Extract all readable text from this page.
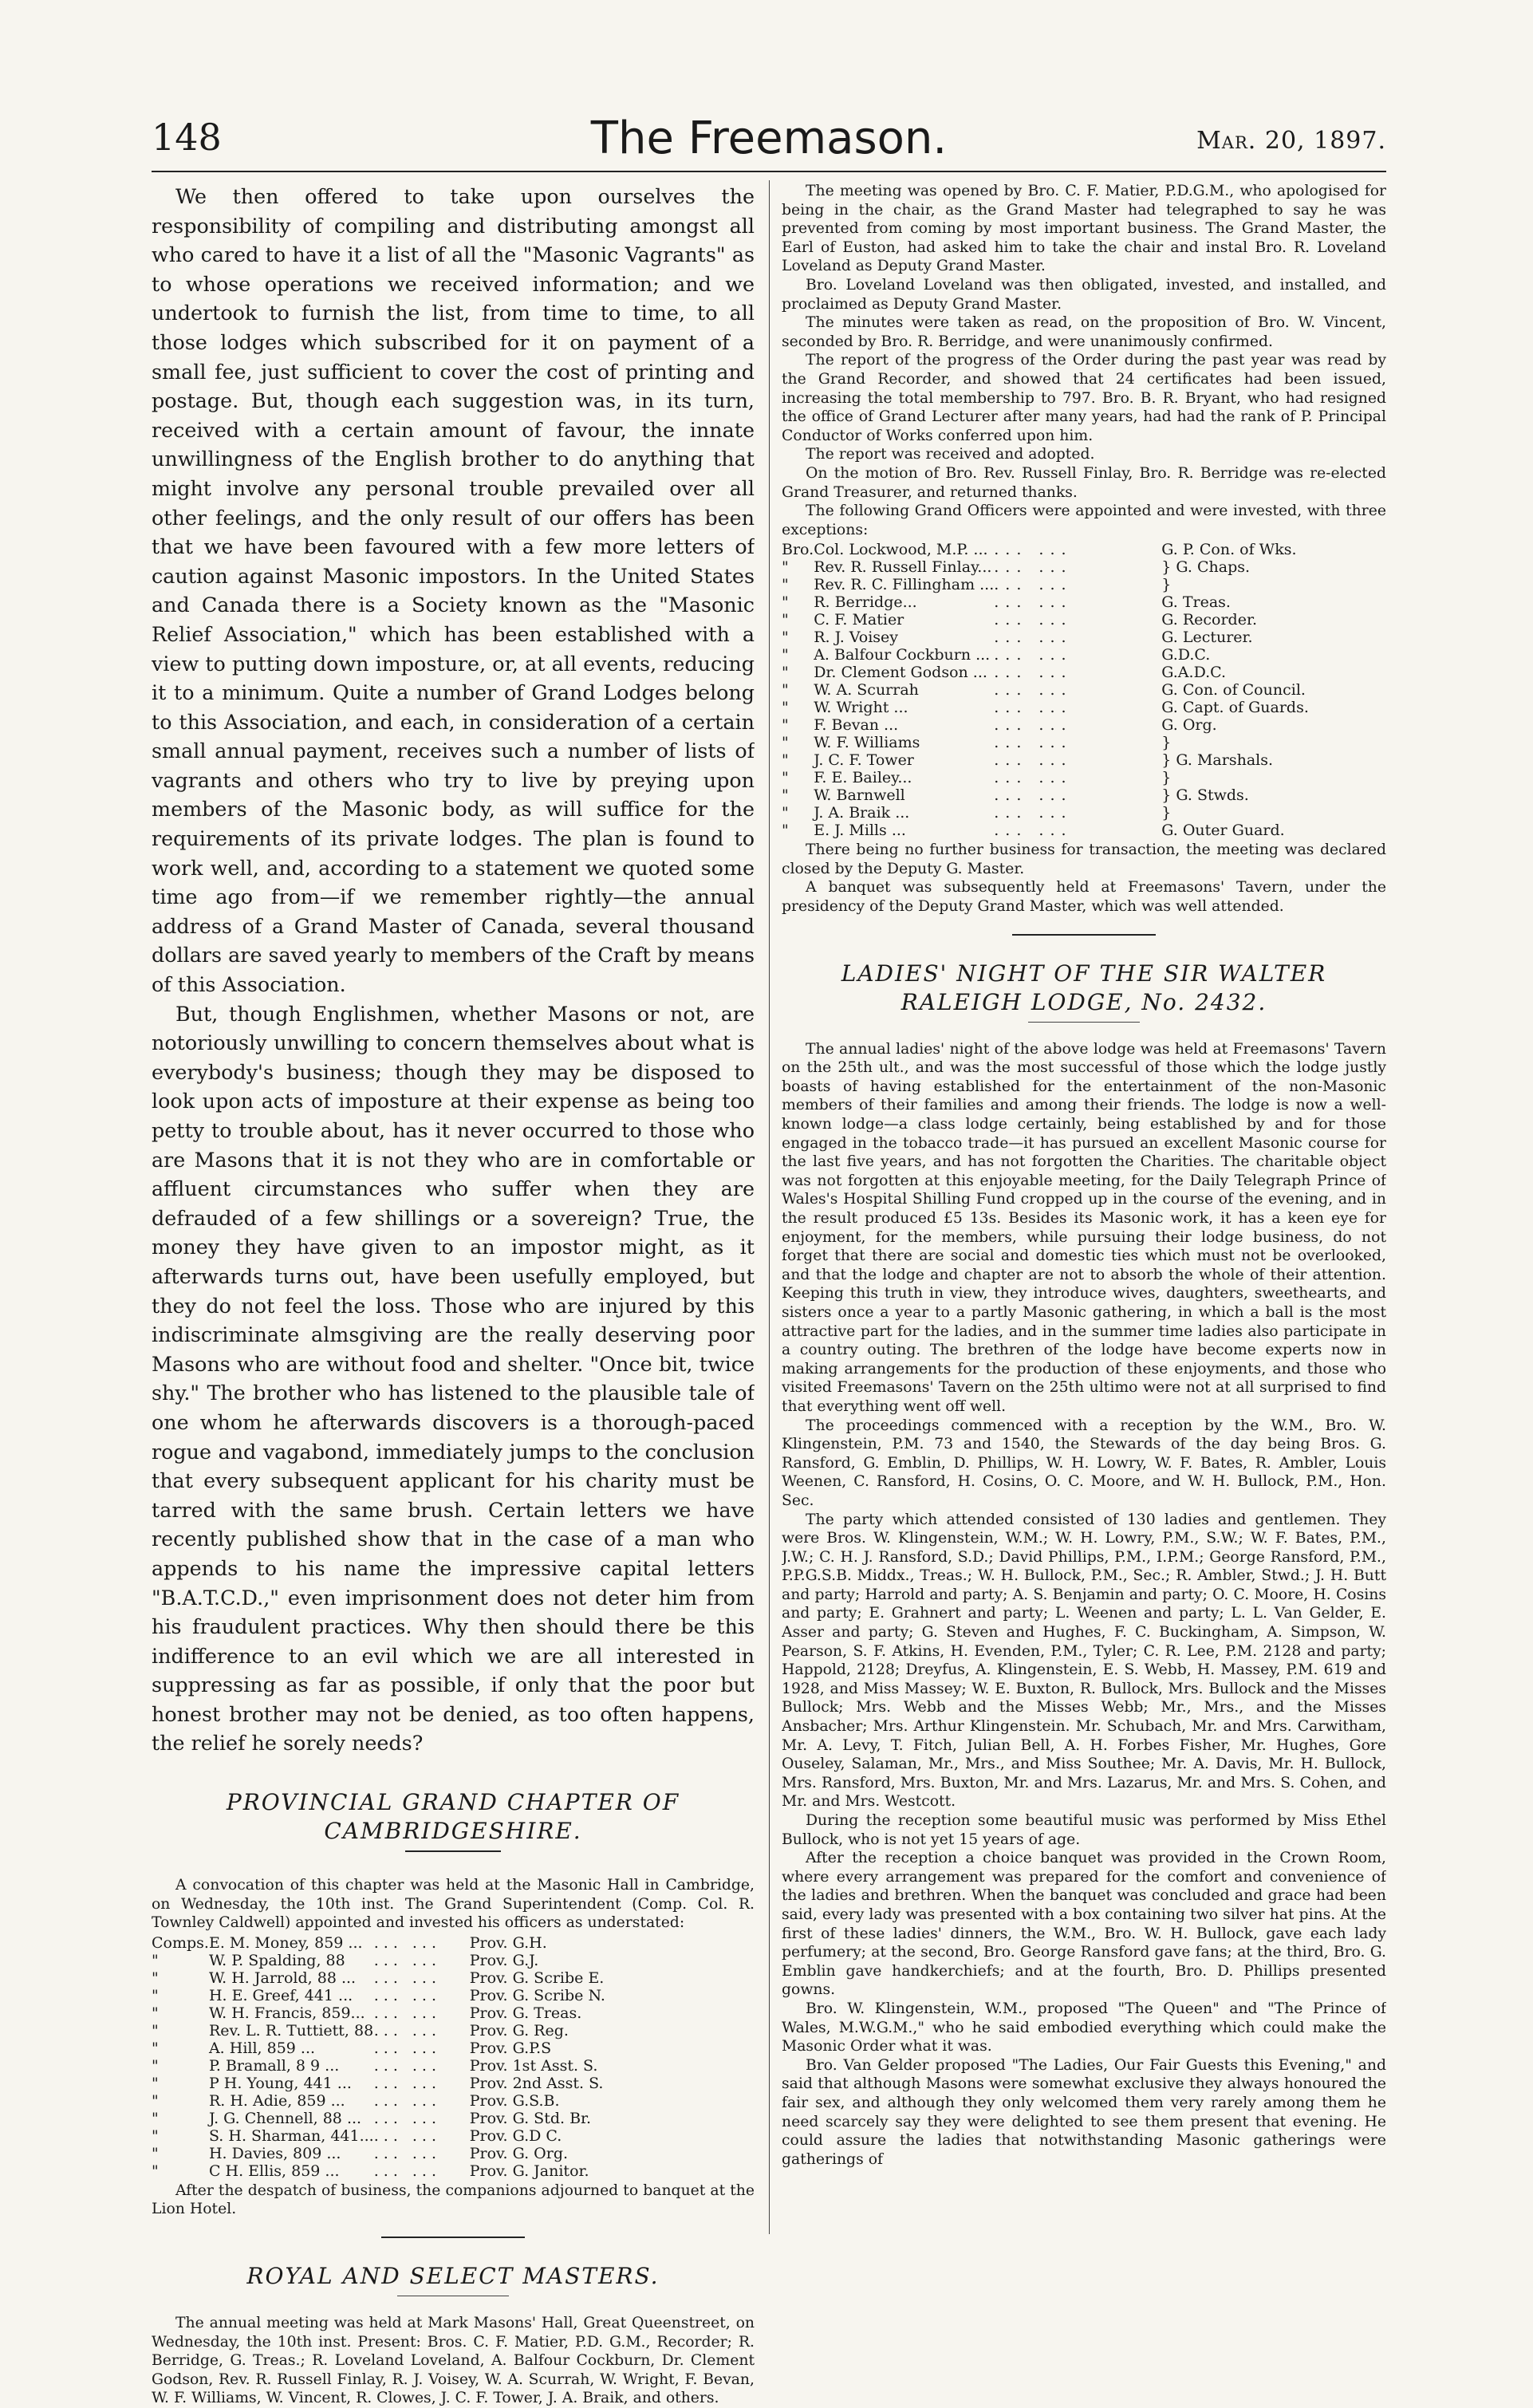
148	The Freemason.	Mar. 20, 1897.

We then offered to take upon ourselves the responsibility of compiling and distributing amongst all who cared to have it a list of all the "Masonic Vagrants" as to whose operations we received information; and we undertook to furnish the list, from time to time, to all those lodges which subscribed for it on payment of a small fee, just sufficient to cover the cost of printing and postage. But, though each suggestion was, in its turn, received with a certain amount of favour, the innate unwillingness of the English brother to do anything that might involve any personal trouble prevailed over all other feelings, and the only result of our offers has been that we have been favoured with a few more letters of caution against Masonic impostors. In the United States and Canada there is a Society known as the "Masonic Relief Association," which has been established with a view to putting down imposture, or, at all events, reducing it to a minimum. Quite a number of Grand Lodges belong to this Association, and each, in consideration of a certain small annual payment, receives such a number of lists of vagrants and others who try to live by preying upon members of the Masonic body, as will suffice for the requirements of its private lodges. The plan is found to work well, and, according to a statement we quoted some time ago from—if we remember rightly—the annual address of a Grand Master of Canada, several thousand dollars are saved yearly to members of the Craft by means of this Association.

But, though Englishmen, whether Masons or not, are notoriously unwilling to concern themselves about what is everybody's business; though they may be disposed to look upon acts of imposture at their expense as being too petty to trouble about, has it never occurred to those who are Masons that it is not they who are in comfortable or affluent circumstances who suffer when they are defrauded of a few shillings or a sovereign? True, the money they have given to an impostor might, as it afterwards turns out, have been usefully employed, but they do not feel the loss. Those who are injured by this indiscriminate almsgiving are the really deserving poor Masons who are without food and shelter. "Once bit, twice shy." The brother who has listened to the plausible tale of one whom he afterwards discovers is a thorough-paced rogue and vagabond, immediately jumps to the conclusion that every subsequent applicant for his charity must be tarred with the same brush. Certain letters we have recently published show that in the case of a man who appends to his name the impressive capital letters "B.A.T.C.D.," even imprisonment does not deter him from his fraudulent practices. Why then should there be this indifference to an evil which we are all interested in suppressing as far as possible, if only that the poor but honest brother may not be denied, as too often happens, the relief he sorely needs?

PROVINCIAL GRAND CHAPTER OF CAMBRIDGESHIRE.

A convocation of this chapter was held at the Masonic Hall in Cambridge, on Wednesday, the 10th inst. The Grand Superintendent (Comp. Col. R. Townley Caldwell) appointed and invested his officers as understated:

Comps.	E. M. Money, 859 ...	... ...	Prov. G.H.
"	W. P. Spalding, 88	... ...	Prov. G.J.
"	W. H. Jarrold, 88 ...	... ...	Prov. G. Scribe E.
"	H. E. Greef, 441 ...	... ...	Prov. G. Scribe N.
"	W. H. Francis, 859...	... ...	Prov. G. Treas.
"	Rev. L. R. Tuttiett, 88	... ...	Prov. G. Reg.
"	A. Hill, 859 ...	... ...	Prov. G.P.S
"	P. Bramall, 8 9 ...	... ...	Prov. 1st Asst. S.
"	P H. Young, 441 ...	... ...	Prov. 2nd Asst. S.
"	R. H. Adie, 859 ...	... ...	Prov. G.S.B.
"	J. G. Chennell, 88 ...	... ...	Prov. G. Std. Br.
"	S. H. Sharman, 441...	... ...	Prov. G.D C.
"	H. Davies, 809 ...	... ...	Prov. G. Org.
"	C H. Ellis, 859 ...	... ...	Prov. G. Janitor.

After the despatch of business, the companions adjourned to banquet at the Lion Hotel.

ROYAL AND SELECT MASTERS.

The annual meeting was held at Mark Masons' Hall, Great Queenstreet, on Wednesday, the 10th inst. Present: Bros. C. F. Matier, P.D. G.M., Recorder; R. Berridge, G. Treas.; R. Loveland Loveland, A. Balfour Cockburn, Dr. Clement Godson, Rev. R. Russell Finlay, R. J. Voisey, W. A. Scurrah, W. Wright, F. Bevan, W. F. Williams, W. Vincent, R. Clowes, J. C. F. Tower, J. A. Braik, and others.

The meeting was opened by Bro. C. F. Matier, P.D.G.M., who apologised for being in the chair, as the Grand Master had telegraphed to say he was prevented from coming by most important business. The Grand Master, the Earl of Euston, had asked him to take the chair and instal Bro. R. Loveland Loveland as Deputy Grand Master.

Bro. Loveland Loveland was then obligated, invested, and installed, and proclaimed as Deputy Grand Master.

The minutes were taken as read, on the proposition of Bro. W. Vincent, seconded by Bro. R. Berridge, and were unanimously confirmed.

The report of the progress of the Order during the past year was read by the Grand Recorder, and showed that 24 certificates had been issued, increasing the total membership to 797. Bro. B. R. Bryant, who had resigned the office of Grand Lecturer after many years, had had the rank of P. Principal Conductor of Works conferred upon him.

The report was received and adopted.

On the motion of Bro. Rev. Russell Finlay, Bro. R. Berridge was re-elected Grand Treasurer, and returned thanks.

The following Grand Officers were appointed and were invested, with three exceptions:

Bro.	Col. Lockwood, M.P. ...	... ...	G. P. Con. of Wks.
"	Rev. R. Russell Finlay...	... ...	} G. Chaps.
"	Rev. R. C. Fillingham ...	... ...	}
"	R. Berridge...	... ...	G. Treas.
"	C. F. Matier	... ...	G. Recorder.
"	R. J. Voisey	... ...	G. Lecturer.
"	A. Balfour Cockburn ...	... ...	G.D.C.
"	Dr. Clement Godson ...	... ...	G.A.D.C.
"	W. A. Scurrah	... ...	G. Con. of Council.
"	W. Wright ...	... ...	G. Capt. of Guards.
"	F. Bevan ...	... ...	G. Org.
"	W. F. Williams	... ...	}
"	J. C. F. Tower	... ...	} G. Marshals.
"	F. E. Bailey...	... ...	}
"	W. Barnwell	... ...	} G. Stwds.
"	J. A. Braik ...	... ...	}
"	E. J. Mills ...	... ...	G. Outer Guard.

There being no further business for transaction, the meeting was declared closed by the Deputy G. Master.

A banquet was subsequently held at Freemasons' Tavern, under the presidency of the Deputy Grand Master, which was well attended.

LADIES' NIGHT OF THE SIR WALTER RALEIGH LODGE, No. 2432.

The annual ladies' night of the above lodge was held at Freemasons' Tavern on the 25th ult., and was the most successful of those which the lodge justly boasts of having established for the entertainment of the non-Masonic members of their families and among their friends. The lodge is now a well-known lodge—a class lodge certainly, being established by and for those engaged in the tobacco trade—it has pursued an excellent Masonic course for the last five years, and has not forgotten the Charities. The charitable object was not forgotten at this enjoyable meeting, for the Daily Telegraph Prince of Wales's Hospital Shilling Fund cropped up in the course of the evening, and in the result produced £5 13s. Besides its Masonic work, it has a keen eye for enjoyment, for the members, while pursuing their lodge business, do not forget that there are social and domestic ties which must not be overlooked, and that the lodge and chapter are not to absorb the whole of their attention. Keeping this truth in view, they introduce wives, daughters, sweethearts, and sisters once a year to a partly Masonic gathering, in which a ball is the most attractive part for the ladies, and in the summer time ladies also participate in a country outing. The brethren of the lodge have become experts now in making arrangements for the production of these enjoyments, and those who visited Freemasons' Tavern on the 25th ultimo were not at all surprised to find that everything went off well.

The proceedings commenced with a reception by the W.M., Bro. W. Klingenstein, P.M. 73 and 1540, the Stewards of the day being Bros. G. Ransford, G. Emblin, D. Phillips, W. H. Lowry, W. F. Bates, R. Ambler, Louis Weenen, C. Ransford, H. Cosins, O. C. Moore, and W. H. Bullock, P.M., Hon. Sec.

The party which attended consisted of 130 ladies and gentlemen. They were Bros. W. Klingenstein, W.M.; W. H. Lowry, P.M., S.W.; W. F. Bates, P.M., J.W.; C. H. J. Ransford, S.D.; David Phillips, P.M., I.P.M.; George Ransford, P.M., P.P.G.S.B. Middx., Treas.; W. H. Bullock, P.M., Sec.; R. Ambler, Stwd.; J. H. Butt and party; Harrold and party; A. S. Benjamin and party; O. C. Moore, H. Cosins and party; E. Grahnert and party; L. Weenen and party; L. L. Van Gelder, E. Asser and party; G. Steven and Hughes, F. C. Buckingham, A. Simpson, W. Pearson, S. F. Atkins, H. Evenden, P.M., Tyler; C. R. Lee, P.M. 2128 and party; Happold, 2128; Dreyfus, A. Klingenstein, E. S. Webb, H. Massey, P.M. 619 and 1928, and Miss Massey; W. E. Buxton, R. Bullock, Mrs. Bullock and the Misses Bullock; Mrs. Webb and the Misses Webb; Mr., Mrs., and the Misses Ansbacher; Mrs. Arthur Klingenstein. Mr. Schubach, Mr. and Mrs. Carwitham, Mr. A. Levy, T. Fitch, Julian Bell, A. H. Forbes Fisher, Mr. Hughes, Gore Ouseley, Salaman, Mr., Mrs., and Miss Southee; Mr. A. Davis, Mr. H. Bullock, Mrs. Ransford, Mrs. Buxton, Mr. and Mrs. Lazarus, Mr. and Mrs. S. Cohen, and Mr. and Mrs. Westcott.

During the reception some beautiful music was performed by Miss Ethel Bullock, who is not yet 15 years of age.

After the reception a choice banquet was provided in the Crown Room, where every arrangement was prepared for the comfort and convenience of the ladies and brethren. When the banquet was concluded and grace had been said, every lady was presented with a box containing two silver hat pins. At the first of these ladies' dinners, the W.M., Bro. W. H. Bullock, gave each lady perfumery; at the second, Bro. George Ransford gave fans; at the third, Bro. G. Emblin gave handkerchiefs; and at the fourth, Bro. D. Phillips presented gowns.

Bro. W. Klingenstein, W.M., proposed "The Queen" and "The Prince of Wales, M.W.G.M.," who he said embodied everything which could make the Masonic Order what it was.

Bro. Van Gelder proposed "The Ladies, Our Fair Guests this Evening," and said that although Masons were somewhat exclusive they always honoured the fair sex, and although they only welcomed them very rarely among them he need scarcely say they were delighted to see them present that evening. He could assure the ladies that notwithstanding Masonic gatherings were gatherings of
